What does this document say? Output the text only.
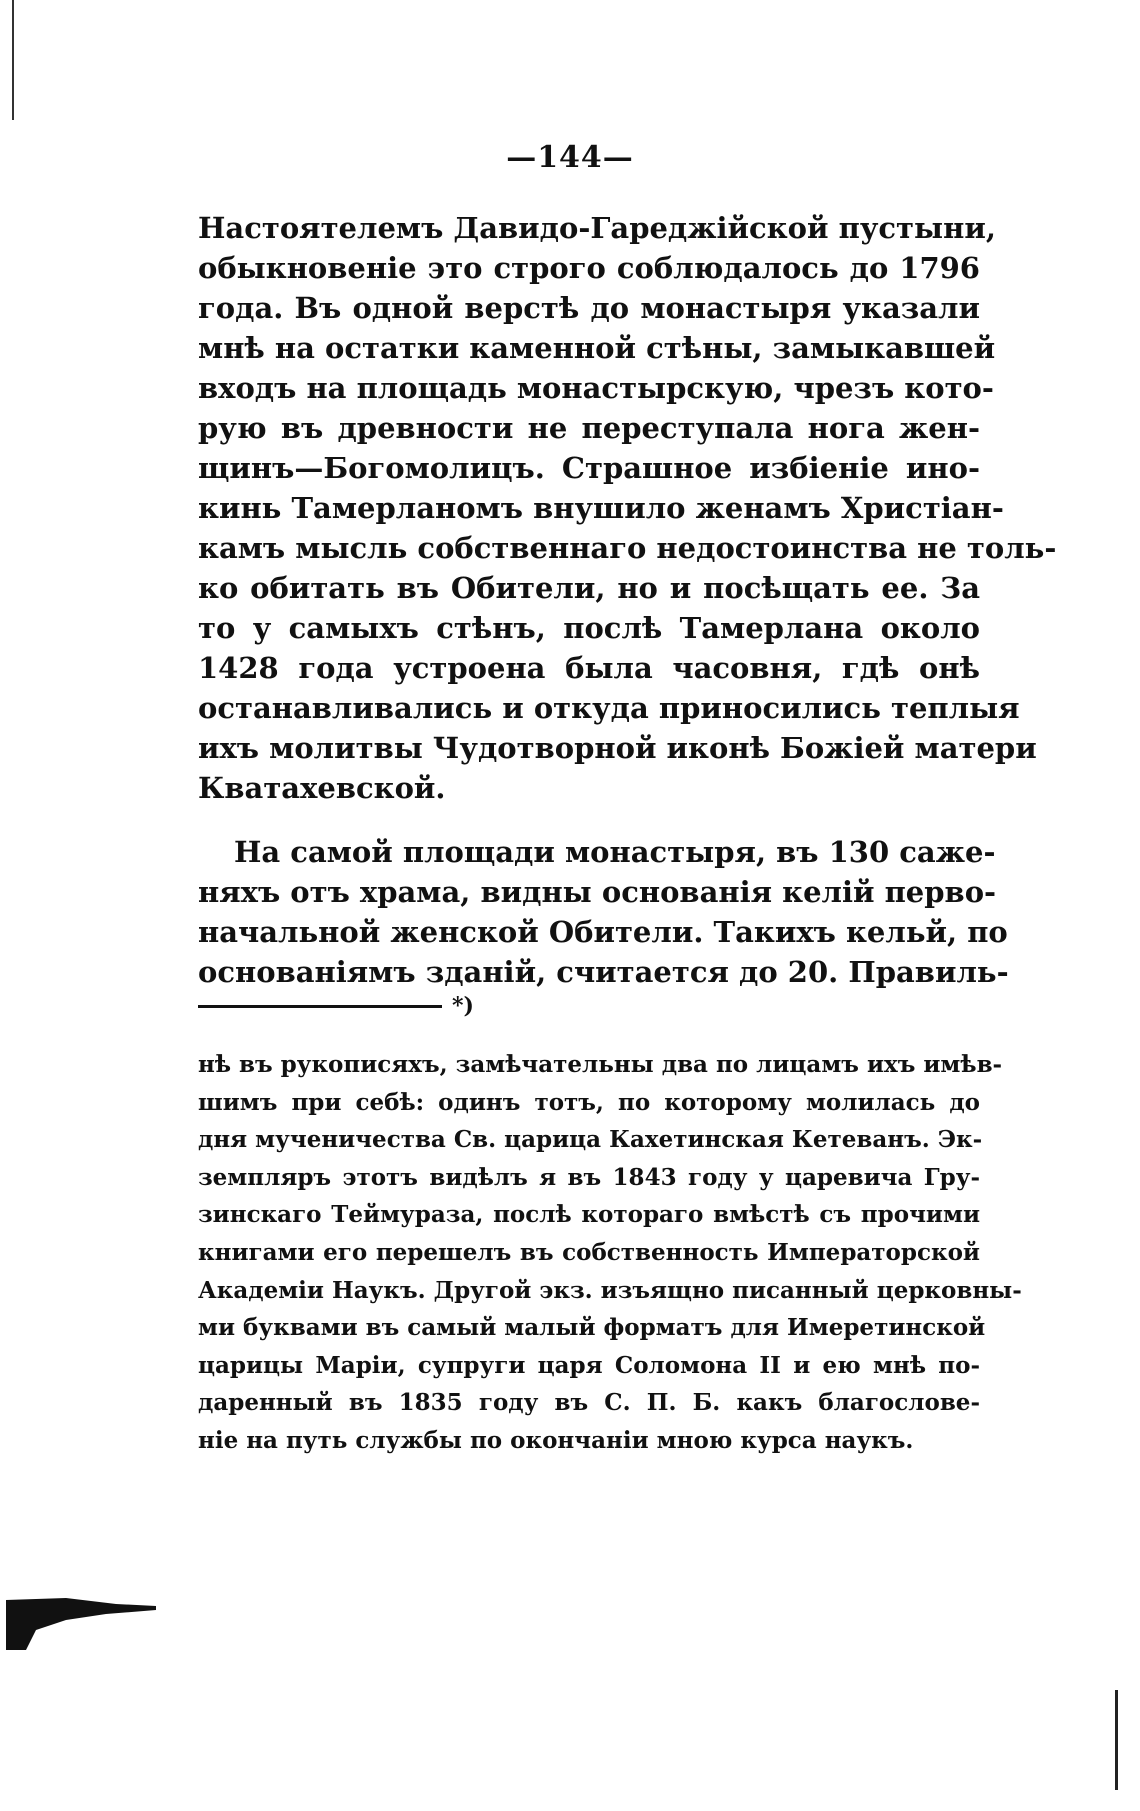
—144—
Настоятелемъ Давидо-Гареджійской пустыни,
обыкновеніе это строго соблюдалось до 1796
года. Въ одной верстѣ до монастыря указали
мнѣ на остатки каменной стѣны, замыкавшей
входъ на площадь монастырскую, чрезъ кото-
рую въ древности не переступала нога жен-
щинъ—Богомолицъ. Страшное избіеніе ино-
кинь Тамерланомъ внушило женамъ Христіан-
камъ мысль собственнаго недостоинства не толь-
ко обитать въ Обители, но и посѣщать ее. За
то у самыхъ стѣнъ, послѣ Тамерлана около
1428 года устроена была часовня, гдѣ онѣ
останавливались и откуда приносились теплыя
ихъ молитвы Чудотворной иконѣ Божіей матери
Кватахевской.
На самой площади монастыря, въ 130 саже-
няхъ отъ храма, видны основанія келій перво-
начальной женской Обители. Такихъ кельй, по
основаніямъ зданій, считается до 20. Правиль-
*)
нѣ въ рукописяхъ, замѣчательны два по лицамъ ихъ имѣв-
шимъ при себѣ: одинъ тотъ, по которому молилась до
дня мученичества Св. царица Кахетинская Кетеванъ. Эк-
земпляръ этотъ видѣлъ я въ 1843 году у царевича Гру-
зинскаго Теймураза, послѣ котораго вмѣстѣ съ прочими
книгами его перешелъ въ собственность Императорской
Академіи Наукъ. Другой экз. изъящно писанный церковны-
ми буквами въ самый малый форматъ для Имеретинской
царицы Маріи, супруги царя Соломона II и ею мнѣ по-
даренный въ 1835 году въ С. П. Б. какъ благослове-
ніе на путь службы по окончаніи мною курса наукъ.
